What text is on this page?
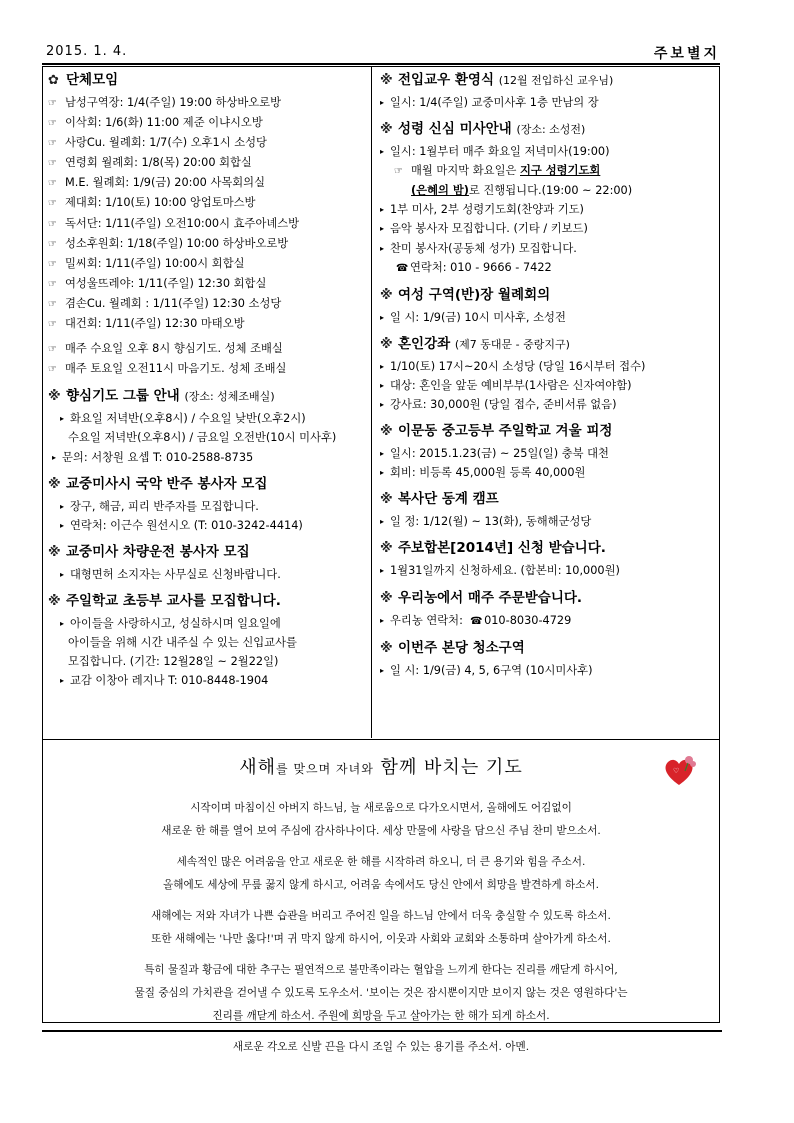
2015. 1. 4.	주보별지
✿ 단체모임
☞ 남성구역장: 1/4(주일) 19:00 하상바오로방
☞ 이삭회: 1/6(화) 11:00 제준 이냐시오방
☞ 사랑Cu. 월례회: 1/7(수) 오후1시 소성당
☞ 연령회 월례회: 1/8(목) 20:00 회합실
☞ M.E. 월례회: 1/9(금) 20:00 사목회의실
☞ 제대회: 1/10(토) 10:00 앙업토마스방
☞ 독서단: 1/11(주일) 오전10:00시 효주아녜스방
☞ 성소후원회: 1/18(주일) 10:00 하상바오로방
☞ 밀씨회: 1/11(주일) 10:00시 회합실
☞ 여성울뜨레야: 1/11(주일) 12:30 회합실
☞ 겸손Cu. 월례회 : 1/11(주일) 12:30 소성당
☞ 대건회: 1/11(주일) 12:30 마태오방
☞ 매주 수요일 오후 8시 향심기도. 성체 조배실
☞ 매주 토요일 오전11시 마음기도. 성체 조배실
※ 향심기도 그룹 안내 (장소: 성체조배실)
▸ 화요일 저녁반(오후8시) / 수요일 낮반(오후2시)
수요일 저녁반(오후8시) / 금요일 오전반(10시 미사후)
▸ 문의: 서창원 요셉 T: 010-2588-8735
※ 교중미사시 국악 반주 봉사자 모집
▸ 장구, 해금, 피리 반주자를 모집합니다.
▸ 연락처: 이근수 원선시오 (T: 010-3242-4414)
※ 교중미사 차량운전 봉사자 모집
▸ 대형면허 소지자는 사무실로 신청바랍니다.
※ 주일학교 초등부 교사를 모집합니다.
▸ 아이들을 사랑하시고, 성실하시며 일요일에
아이들을 위해 시간 내주실 수 있는 신입교사를
모집합니다. (기간: 12월28일 ~ 2월22일)
▸ 교감 이창아 레지나 T: 010-8448-1904
※ 전입교우 환영식 (12월 전입하신 교우님)
▸ 일시: 1/4(주일) 교중미사후 1층 만남의 장
※ 성령 신심 미사안내 (장소: 소성전)
▸ 일시: 1월부터 매주 화요일 저녁미사(19:00)
☞ 매월 마지막 화요일은 지구 성령기도회
(은혜의 밤)로 진행됩니다.(19:00 ~ 22:00)
▸ 1부 미사, 2부 성령기도회(찬양과 기도)
▸ 음악 봉사자 모집합니다. (기타 / 키보드)
▸ 찬미 봉사자(공동체 성가) 모집합니다.
☎ 연락처: 010 - 9666 - 7422
※ 여성 구역(반)장 월례회의
▸ 일 시: 1/9(금) 10시 미사후, 소성전
※ 혼인강좌 (제7 동대문 - 중랑지구)
▸ 1/10(토) 17시~20시 소성당 (당일 16시부터 접수)
▸ 대상: 혼인을 앞둔 예비부부(1사람은 신자여야함)
▸ 강사료: 30,000원 (당일 접수, 준비서류 없음)
※ 이문동 중고등부 주일학교 겨울 피정
▸ 일시: 2015.1.23(금) ~ 25일(일) 충북 대천
▸ 회비: 비등록 45,000원 등록 40,000원
※ 복사단 동계 캠프
▸ 일 정: 1/12(월) ~ 13(화), 동해해군성당
※ 주보합본[2014년] 신청 받습니다.
▸ 1월31일까지 신청하세요. (합본비: 10,000원)
※ 우리농에서 매주 주문받습니다.
▸ 우리농 연락처: ☎ 010-8030-4729
※ 이번주 본당 청소구역
▸ 일 시: 1/9(금) 4, 5, 6구역 (10시미사후)
새해를 맞으며 자녀와 함께 바치는 기도	♡
시작이며 마침이신 아버지 하느님, 늘 새로움으로 다가오시면서, 올해에도 어김없이
새로운 한 해를 열어 보여 주심에 감사하나이다. 세상 만물에 사랑을 담으신 주님 찬미 받으소서.
세속적인 많은 어려움을 안고 새로운 한 해를 시작하려 하오니, 더 큰 용기와 힘을 주소서.
올해에도 세상에 무릎 꿇지 않게 하시고, 어려움 속에서도 당신 안에서 희망을 발견하게 하소서.
새해에는 저와 자녀가 나쁜 습관을 버리고 주어진 일을 하느님 안에서 더욱 충실할 수 있도록 하소서.
또한 새해에는 '나만 옳다!'며 귀 막지 않게 하시어, 이웃과 사회와 교회와 소통하며 살아가게 하소서.
특히 물질과 황금에 대한 추구는 필연적으로 불만족이라는 혈압을 느끼게 한다는 진리를 깨닫게 하시어,
물질 중심의 가치관을 걷어낼 수 있도록 도우소서. '보이는 것은 잠시뿐이지만 보이지 않는 것은 영원하다'는
진리를 깨닫게 하소서. 주원에 희망을 두고 살아가는 한 해가 되게 하소서.
새로운 각오로 신발 끈을 다시 조일 수 있는 용기를 주소서. 아멘.
